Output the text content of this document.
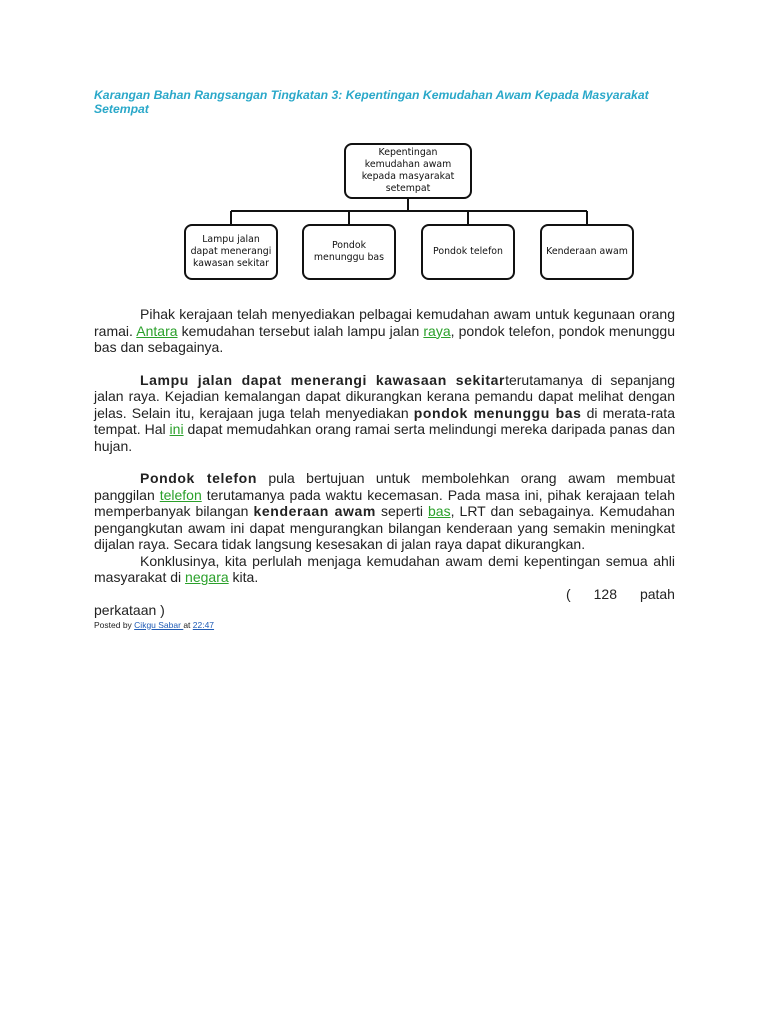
Karangan Bahan Rangsangan Tingkatan 3: Kepentingan Kemudahan Awam Kepada Masyarakat Setempat
Kepentingan kemudahan awam kepada masyarakat setempat
Lampu jalan dapat menerangi kawasan sekitar
Pondok menunggu bas
Pondok telefon	Kenderaan awam

Pihak kerajaan telah menyediakan pelbagai kemudahan awam untuk kegunaan orang ramai. Antara kemudahan tersebut ialah lampu jalan raya, pondok telefon, pondok menunggu bas dan sebagainya.

Lampu jalan dapat menerangi kawasaan sekitarterutamanya di sepanjang jalan raya. Kejadian kemalangan dapat dikurangkan kerana pemandu dapat melihat dengan jelas. Selain itu, kerajaan juga telah menyediakan pondok menunggu bas di merata-rata tempat. Hal ini dapat memudahkan orang ramai serta melindungi mereka daripada panas dan hujan.

Pondok telefon pula bertujuan untuk membolehkan orang awam membuat panggilan telefon terutamanya pada waktu kecemasan. Pada masa ini, pihak kerajaan telah memperbanyak bilangan kenderaan awam seperti bas, LRT dan sebagainya. Kemudahan pengangkutan awam ini dapat mengurangkan bilangan kenderaan yang semakin meningkat dijalan raya. Secara tidak langsung kesesakan di jalan raya dapat dikurangkan.

Konklusinya, kita perlulah menjaga kemudahan awam demi kepentingan semua ahli masyarakat di negara kita.

( 128 patah
perkataan )
Posted by Cikgu Sabar at 22:47
